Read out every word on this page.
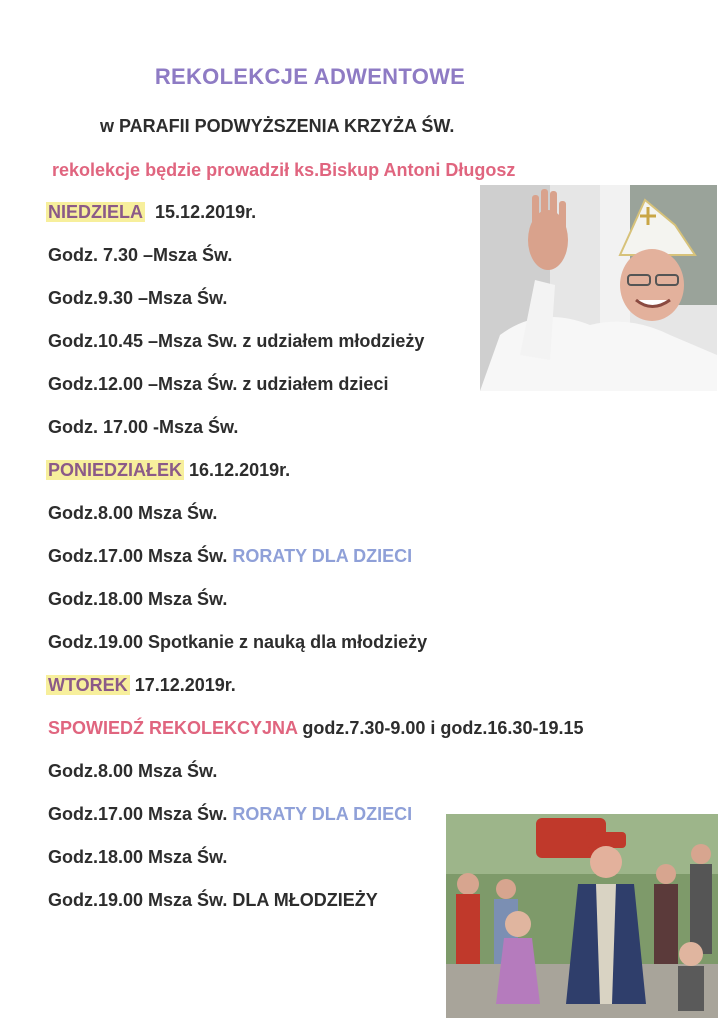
REKOLEKCJE ADWENTOWE
w PARAFII PODWYŻSZENIA KRZYŻA ŚW.
rekolekcje będzie prowadził ks.Biskup Antoni Długosz
NIEDZIELA 15.12.2019r.
Godz. 7.30 –Msza Św.
Godz.9.30 –Msza Św.
Godz.10.45 –Msza Sw. z udziałem młodzieży
Godz.12.00 –Msza Św. z udziałem dzieci
Godz. 17.00 -Msza Św.
PONIEDZIAŁEK 16.12.2019r.
Godz.8.00 Msza Św.
Godz.17.00 Msza Św. RORATY DLA DZIECI
Godz.18.00 Msza Św.
Godz.19.00 Spotkanie z nauką dla młodzieży
WTOREK 17.12.2019r.
SPOWIEDŹ REKOLEKCYJNA godz.7.30-9.00 i godz.16.30-19.15
Godz.8.00 Msza Św.
Godz.17.00 Msza Św. RORATY DLA DZIECI
Godz.18.00 Msza Św.
Godz.19.00 Msza Św. DLA MŁODZIEŻY
